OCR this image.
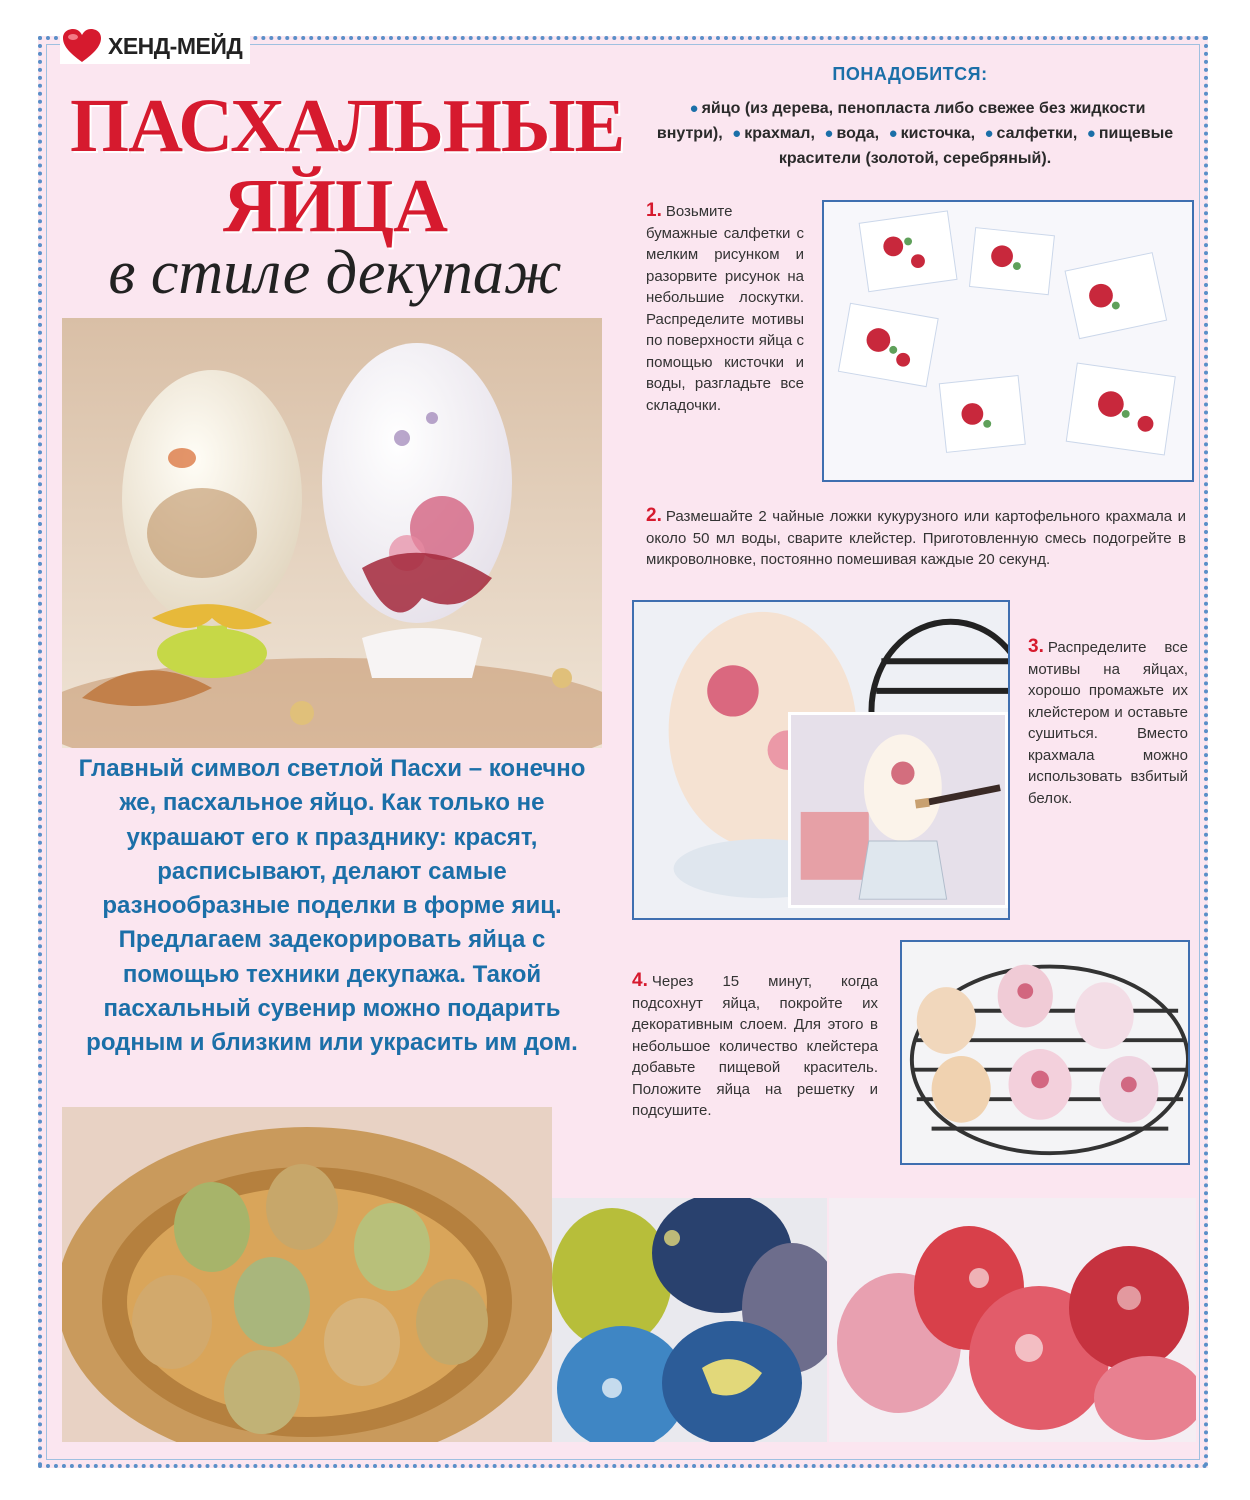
ХЕНД-МЕЙД
ПАСХАЛЬНЫЕ
ЯЙЦА
в стиле декупаж
Главный символ светлой Пасхи – конечно же, пасхальное яйцо. Как только не украшают его к празднику: красят, расписывают, делают самые разнообразные поделки в форме яиц. Предлагаем задекорировать яйца с помощью техники декупажа. Такой пасхальный сувенир можно подарить родным и близким или украсить им дом.
ПОНАДОБИТСЯ:
● яйцо (из дерева, пенопласта либо свежее без жидкости внутри), ● крахмал, ● вода, ● кисточка, ● салфетки, ● пищевые красители (золотой, серебряный).
1. Возьмите бумажные салфетки с мелким рисунком и разорвите рисунок на небольшие лоскутки. Распределите мотивы по поверхности яйца с помощью кисточки и воды, разгладьте все складочки.
2. Размешайте 2 чайные ложки кукурузного или картофельного крахмала и около 50 мл воды, сварите клейстер. Приготовленную смесь подогрейте в микроволновке, постоянно помешивая каждые 20 секунд.
3. Распределите все мотивы на яйцах, хорошо промажьте их клейстером и оставьте сушиться. Вместо крахмала можно использовать взбитый белок.
4. Через 15 минут, когда подсохнут яйца, покройте их декоративным слоем. Для этого в небольшое количество клейстера добавьте пищевой краситель. Положите яйца на решетку и подсушите.
